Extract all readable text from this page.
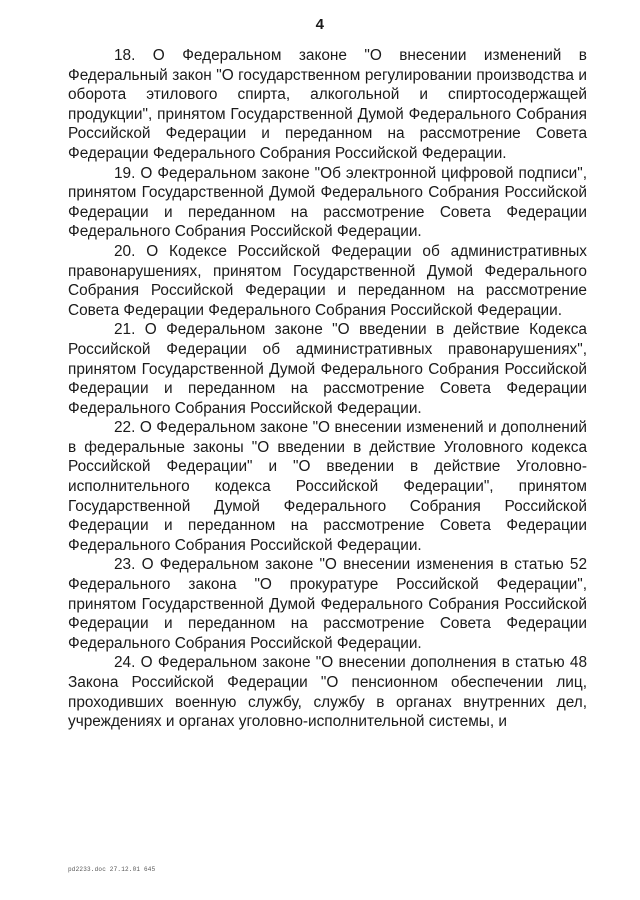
4

18. О Федеральном законе "О внесении изменений в Федеральный закон "О государственном регулировании производства и оборота этилового спирта, алкогольной и спиртосодержащей продукции", принятом Государственной Думой Федерального Собрания Российской Федерации и переданном на рассмотрение Совета Федерации Федерального Собрания Российской Федерации.

19. О Федеральном законе "Об электронной цифровой подписи", принятом Государственной Думой Федерального Собрания Российской Федерации и переданном на рассмотрение Совета Федерации Федерального Собрания Российской Федерации.

20. О Кодексе Российской Федерации об административных правонарушениях, принятом Государственной Думой Федерального Собрания Российской Федерации и переданном на рассмотрение Совета Федерации Федерального Собрания Российской Федерации.

21. О Федеральном законе "О введении в действие Кодекса Российской Федерации об административных правонарушениях", принятом Государственной Думой Федерального Собрания Российской Федерации и переданном на рассмотрение Совета Федерации Федерального Собрания Российской Федерации.

22. О Федеральном законе "О внесении изменений и дополнений в федеральные законы "О введении в действие Уголовного кодекса Российской Федерации" и "О введении в действие Уголовно-исполнительного кодекса Российской Федерации", принятом Государственной Думой Федерального Собрания Российской Федерации и переданном на рассмотрение Совета Федерации Федерального Собрания Российской Федерации.

23. О Федеральном законе "О внесении изменения в статью 52 Федерального закона "О прокуратуре Российской Федерации", принятом Государственной Думой Федерального Собрания Российской Федерации и переданном на рассмотрение Совета Федерации Федерального Собрания Российской Федерации.

24. О Федеральном законе "О внесении дополнения в статью 48 Закона Российской Федерации "О пенсионном обеспечении лиц, проходивших военную службу, службу в органах внутренних дел, учреждениях и органах уголовно-исполнительной системы, и

pd2233.doc 27.12.01 645
